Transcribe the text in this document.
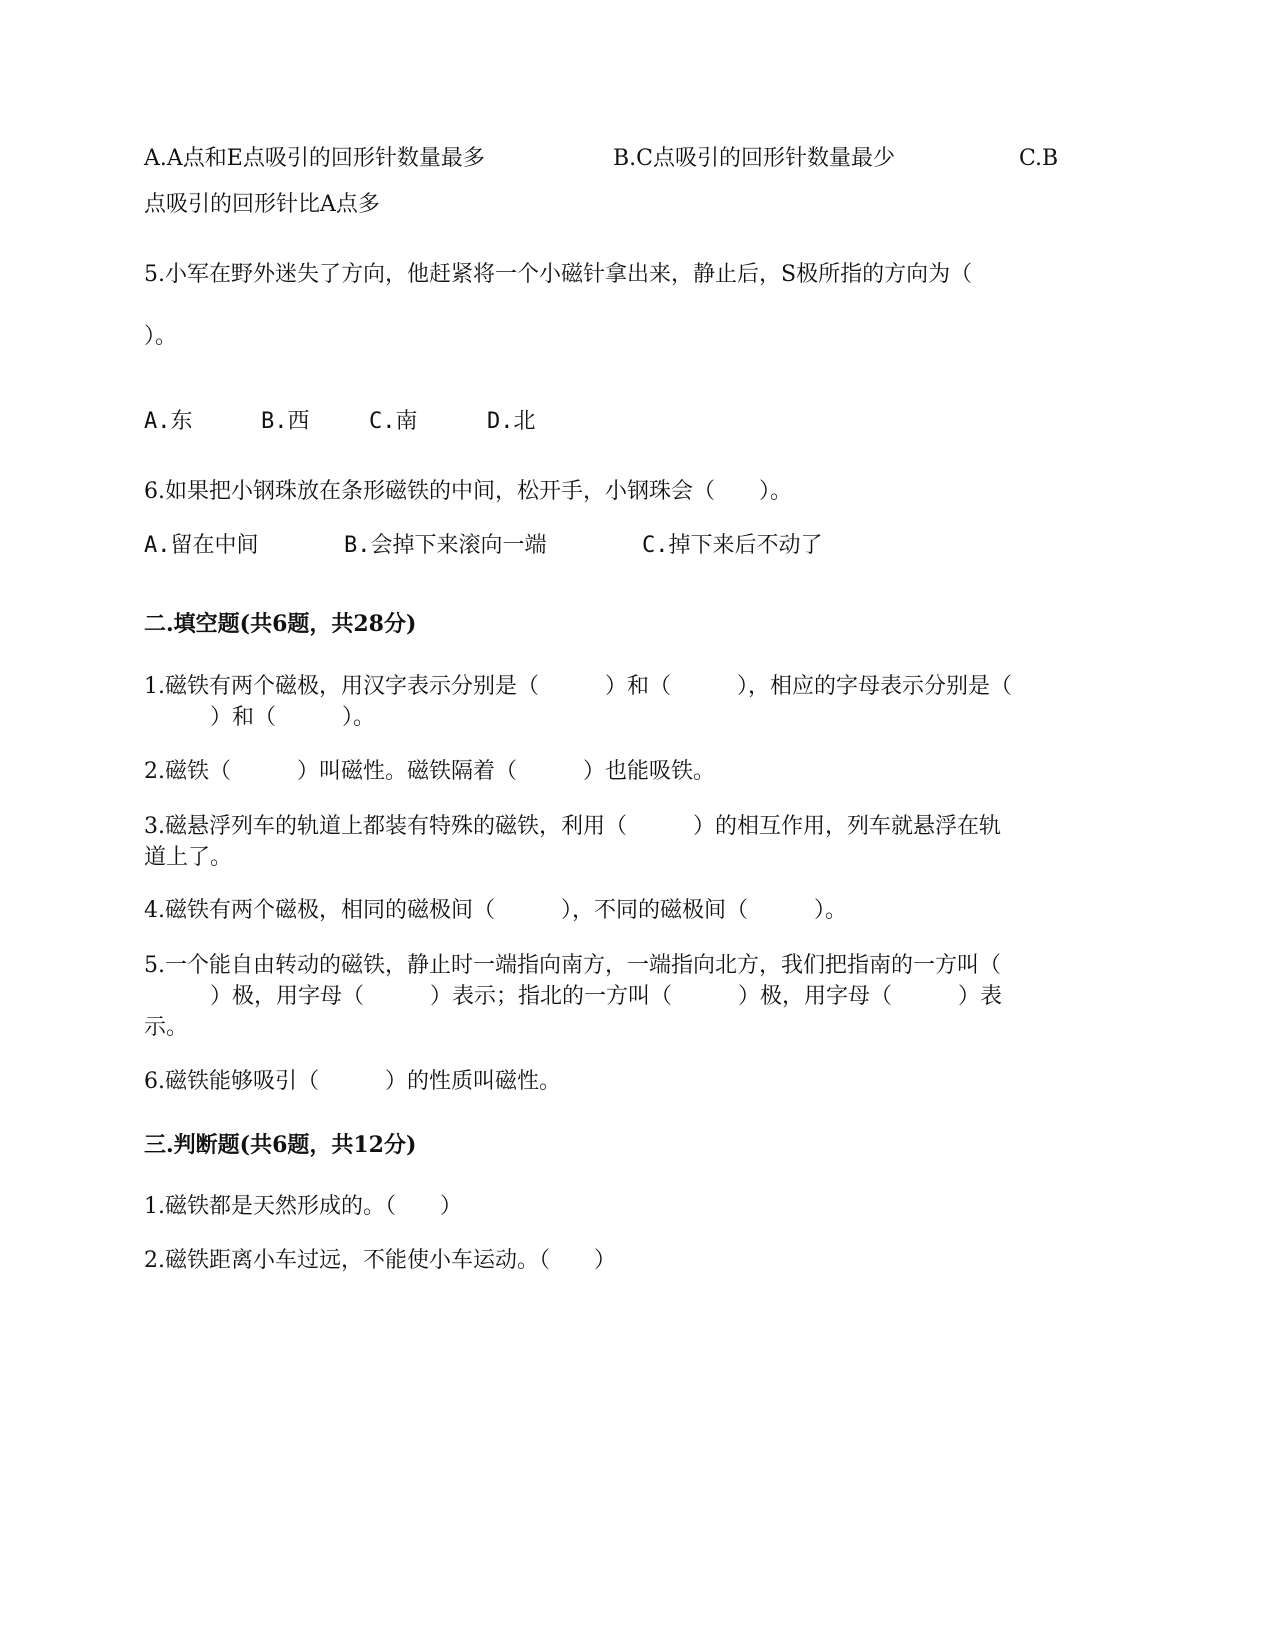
A.A点和E点吸引的回形针数量最多	B.C点吸引的回形针数量最少	C.B

点吸引的回形针比A点多

5.小军在野外迷失了方向，他赶紧将一个小磁针拿出来，静止后，S极所指的方向为（

）。

A.东	B.西	C.南	D.北

6.如果把小钢珠放在条形磁铁的中间，松开手，小钢珠会（　　）。

A.留在中间	B.会掉下来滚向一端	C.掉下来后不动了

二.填空题(共6题，共28分)

1.磁铁有两个磁极，用汉字表示分别是（　　　）和（　　　），相应的字母表示分别是（

　　　）和（　　　）。

2.磁铁（　　　）叫磁性。磁铁隔着（　　　）也能吸铁。

3.磁悬浮列车的轨道上都装有特殊的磁铁，利用（　　　）的相互作用，列车就悬浮在轨

道上了。

4.磁铁有两个磁极，相同的磁极间（　　　），不同的磁极间（　　　）。

5.一个能自由转动的磁铁，静止时一端指向南方，一端指向北方，我们把指南的一方叫（

　　　）极，用字母（　　　）表示；指北的一方叫（　　　）极，用字母（　　　）表

示。

6.磁铁能够吸引（　　　）的性质叫磁性。

三.判断题(共6题，共12分)

1.磁铁都是天然形成的。（　　）

2.磁铁距离小车过远，不能使小车运动。（　　）
